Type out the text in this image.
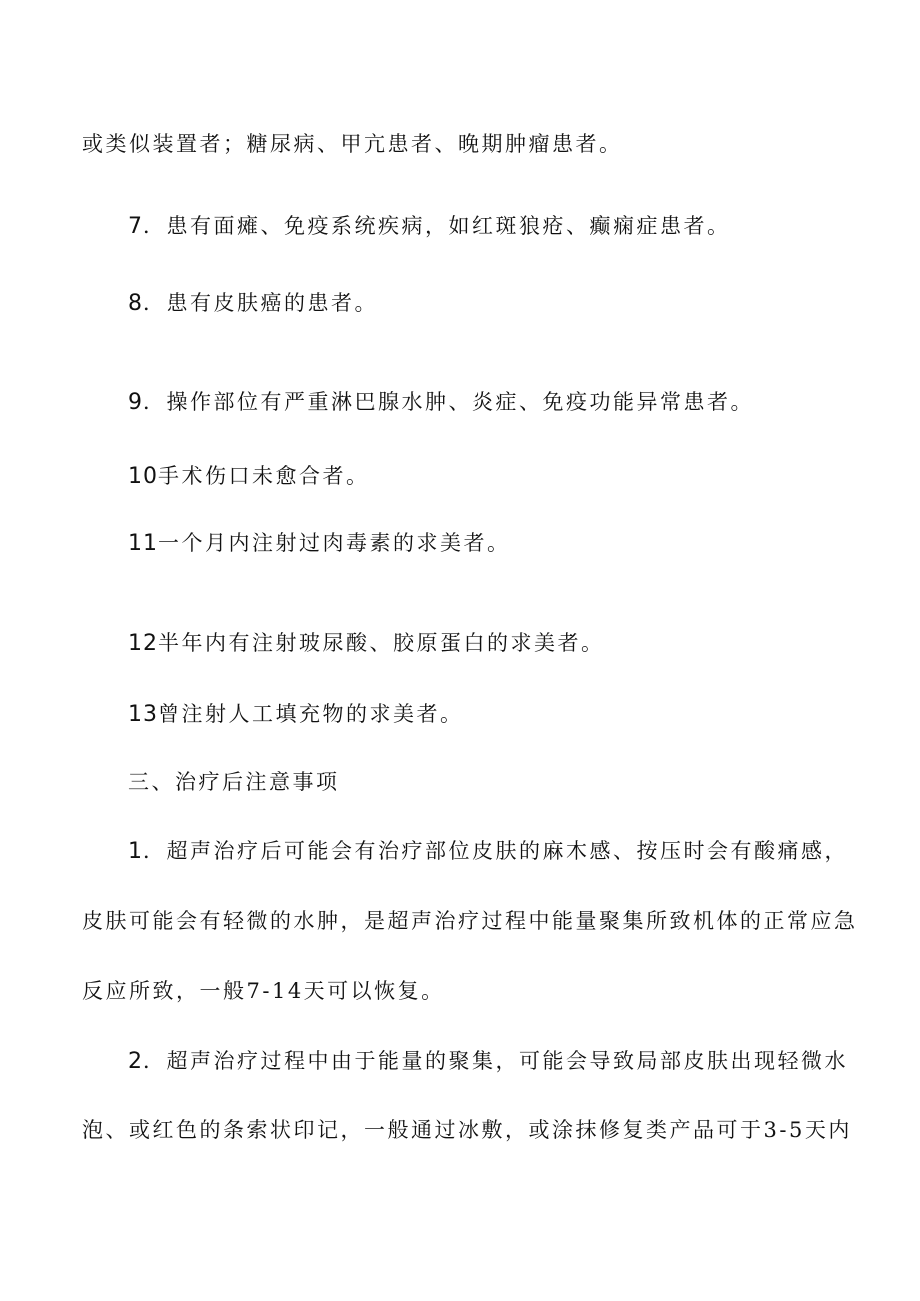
或类似装置者；糖尿病、甲亢患者、晚期肿瘤患者。
7．患有面瘫、免疫系统疾病，如红斑狼疮、癫痫症患者。
8．患有皮肤癌的患者。
9．操作部位有严重淋巴腺水肿、炎症、免疫功能异常患者。
10手术伤口未愈合者。
11一个月内注射过肉毒素的求美者。
12半年内有注射玻尿酸、胶原蛋白的求美者。
13曾注射人工填充物的求美者。
三、治疗后注意事项
1．超声治疗后可能会有治疗部位皮肤的麻木感、按压时会有酸痛感，
皮肤可能会有轻微的水肿，是超声治疗过程中能量聚集所致机体的正常应急
反应所致，一般7-14天可以恢复。
2．超声治疗过程中由于能量的聚集，可能会导致局部皮肤出现轻微水
泡、或红色的条索状印记，一般通过冰敷，或涂抹修复类产品可于3-5天内
